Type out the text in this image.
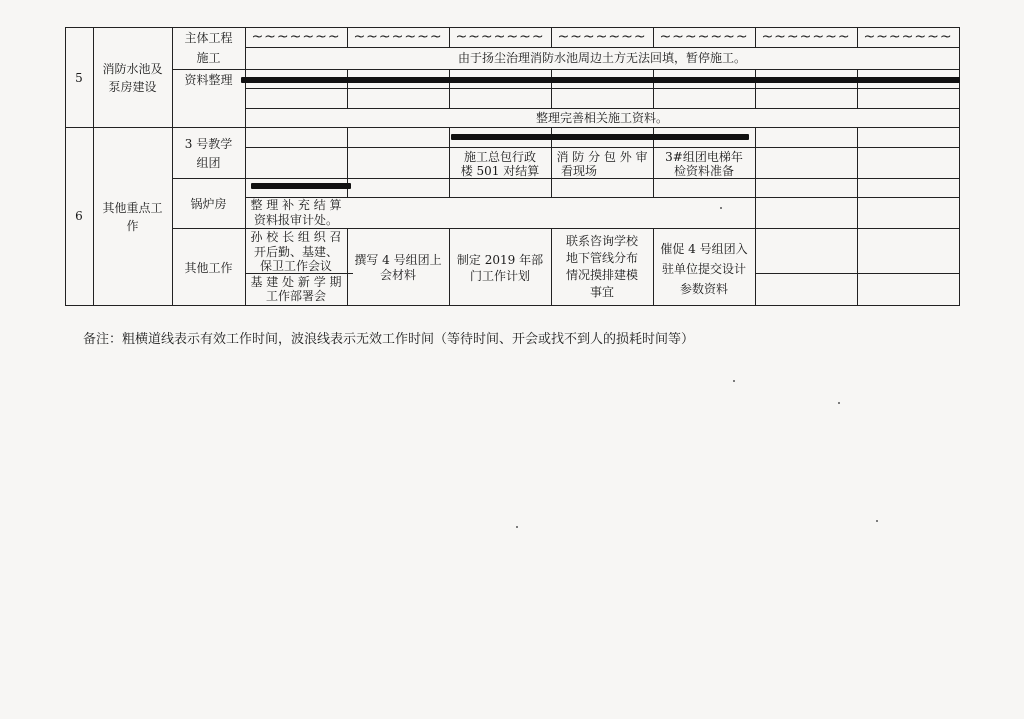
5
消防水池及
泵房建设
主体工程
施工
资料整理
~~~~~~~ ~~~~~~~ ~~~~~~~ ~~~~~~~ ~~~~~~~ ~~~~~~~ ~~~~~~~
由于扬尘治理消防水池周边土方无法回填，暂停施工。
整理完善相关施工资料。
6
其他重点工
作
3 号教学
组团
锅炉房
其他工作
施工总包行政
楼 501 对结算
消 防 分 包 外 审
看现场
3#组团电梯年
检资料准备
整 理 补 充 结 算
资料报审计处。
孙 校 长 组 织 召
开后勤、基建、
保卫工作会议
基 建 处 新 学 期
工作部署会
撰写 4 号组团上
会材料
制定 2019 年部
门工作计划
联系咨询学校
地下管线分布
情况摸排建模
事宜
催促 4 号组团入
驻单位提交设计
参数资料
备注：粗横道线表示有效工作时间，波浪线表示无效工作时间（等待时间、开会或找不到人的损耗时间等）
